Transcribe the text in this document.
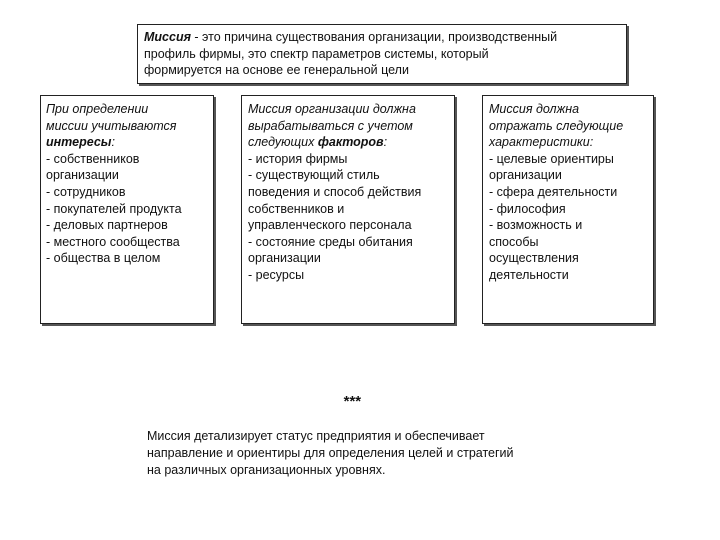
Миссия - это причина существования организации, производственный
профиль фирмы, это спектр параметров системы, который
формируется на основе ее генеральной цели
При определении
миссии учитываются
интересы:
- собственников
организации
- сотрудников
- покупателей продукта
- деловых партнеров
- местного сообщества
- общества в целом
Миссия организации должна
вырабатываться с учетом
следующих факторов:
- история фирмы
- существующий стиль
поведения и способ действия
собственников и
управленческого персонала
- состояние среды обитания
организации
- ресурсы
Миссия должна
отражать следующие
характеристики:
- целевые ориентиры
организации
- сфера деятельности
- философия
- возможность и
способы
осуществления
деятельности
***
Миссия детализирует статус предприятия и обеспечивает
направление и ориентиры для определения целей и стратегий
на различных организационных уровнях.
